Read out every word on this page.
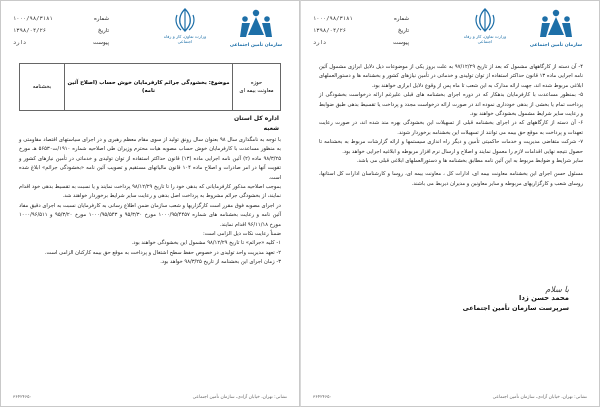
شماره
۱۰۰۰/۹۸/۳۱۸۱
تاریخ
۱۳۹۸/۰۴/۲۶
پیوست
دارد
وزارت تعاون، کار و رفاه اجتماعی
سازمان تأمین اجتماعی
بخشنامه
موضوع: بخشودگی جرائم کارفرمایان خوش حساب (اصلاح آئین نامه)
حوزه
معاونت بیمه ای
اداره کل استان
شعبه

با توجه به نامگذاری سال ۹۸ بعنوان سال رونق تولید از سوی مقام معظم رهبری و در اجرای سیاستهای اقتصاد مقاومتی و به منظور مساعدت با کارفرمایان خوش حساب مصوبه هیات محترم وزیران طی اصلاحیه شماره ۱۹۱۰/ت۵۶۵۳۰ هـ مورخ ۹۸/۳/۲۵ ماده (۲) آئین نامه اجرایی ماده (۱۳) قانون حداکثر استفاده از توان تولیدی و خدماتی در تأمین نیازهای کشور و تقویت آنها در امر صادرات و اصلاح ماده ۱۰۴ قانون مالیاتهای مستقیم و تصویب آئین نامه «بخشودگی جرائم» ابلاغ شده است.

بموجب اصلاحیه مذکور کارفرمایانی که بدهی خود را تا تاریخ ۹۸/۱۲/۲۹ پرداخت نمایند و یا نسبت به تقسیط بدهی خود اقدام نمایند، از بخشودگی جرائم مشروط به پرداخت اصل بدهی و رعایت سایر شرایط برخوردار خواهند شد.

در اجرای مصوبه فوق مقرر است کارگزاریها و شعب سازمان ضمن اطلاع رسانی به کارفرمایان نسبت به اجرای دقیق مفاد آئین نامه و رعایت بخشنامه های شماره ۱۰۰۰/۹۵/۴۴۵۷ مورخ ۹۵/۳/۳۰ و ۱۰۰۰/۹۵/۵۴۳ مورخ ۹۵/۳/۲۰ و ۱۰۰۰/۹۶/۵۱۱ مورخ ۹۶/۱۱/۱۸ اقدام نمایند.

ضمناً رعایت نکات ذیل الزامی است:

۱- کلیه «جرائم» تا تاریخ ۹۸/۱۲/۲۹ مشمول این بخشودگی خواهند بود.

۲- تعهد مدیریت واحد تولیدی در خصوص حفظ سطح اشتغال و پرداخت به موقع حق بیمه کارکنان الزامی است.

۳- زمان اجرای این بخشنامه از تاریخ ۹۸/۳/۲۵ خواهد بود.

۳۶۴۲۴۶۵۰	نشانی: تهران، خیابان آزادی، سازمان تأمین اجتماعی
شماره
۱۰۰۰/۹۸/۳۱۸۱
تاریخ
۱۳۹۸/۰۴/۲۶
پیوست
دارد
وزارت تعاون، کار و رفاه اجتماعی
سازمان تأمین اجتماعی

۴- آن دسته از کارگاههای مشمول که بعد از تاریخ ۹۷/۱۲/۲۹ به علت بروز یکی از موضوعات ذیل دلایل ابرازی مشمول آئین نامه اجرایی ماده ۱۳ قانون حداکثر استفاده از توان تولیدی و خدماتی در تأمین نیازهای کشور و بخشنامه ها و دستورالعملهای ابلاغی مربوط شده اند، جهت ارائه مدارک به این شعب تا ماه پس از وقوع دلایل ابرازی خواهند بود.

۵- بمنظور مساعدت با کارفرمایان بدهکار که در دوره اجرای بخشنامه های قبلی علیرغم ارائه درخواست بخشودگی از پرداخت تمام یا بخشی از بدهی خودداری نموده اند در صورت ارائه درخواست مجدد و پرداخت یا تقسیط بدهی طبق ضوابط و رعایت سایر شرایط مشمول بخشودگی خواهند بود.

۶- آن دسته از کارگاههای که در اجرای بخشنامه قبلی از تسهیلات این بخشودگی بهره مند شده اند، در صورت رعایت تعهدات و پرداخت به موقع حق بیمه می توانند از تسهیلات این بخشنامه برخوردار شوند.

۷- شرکت متقاضی مدیریت و خدمات حاکمیتی تأمین و دیگر راه اندازی سیستمها و ارائه گزارشات مربوط به بخشنامه تا حصول نتیجه نهایی اقدامات لازم را معمول نمایند و اصلاح و ارسال نرم افزار مربوطه و ابلاغیه اجرایی خواهد بود.

سایر شرایط و ضوابط مربوط به این آئین نامه مطابق بخشنامه ها و دستورالعملهای ابلاغی قبلی می باشد.

مسئول حسن اجرای این بخشنامه معاونت بیمه ای، ادارات کل ، معاونت بیمه ای، روسا و کارشناسان ادارات کل استانها، روسای شعب و کارگزاریهای مربوطه و سایر معاونین و مدیران ذیربط می باشند.

با سلام
محمد حسن زدا
سرپرست سازمان تأمین اجتماعی
۳۶۴۲۴۶۵۰	نشانی: تهران، خیابان آزادی، سازمان تأمین اجتماعی
